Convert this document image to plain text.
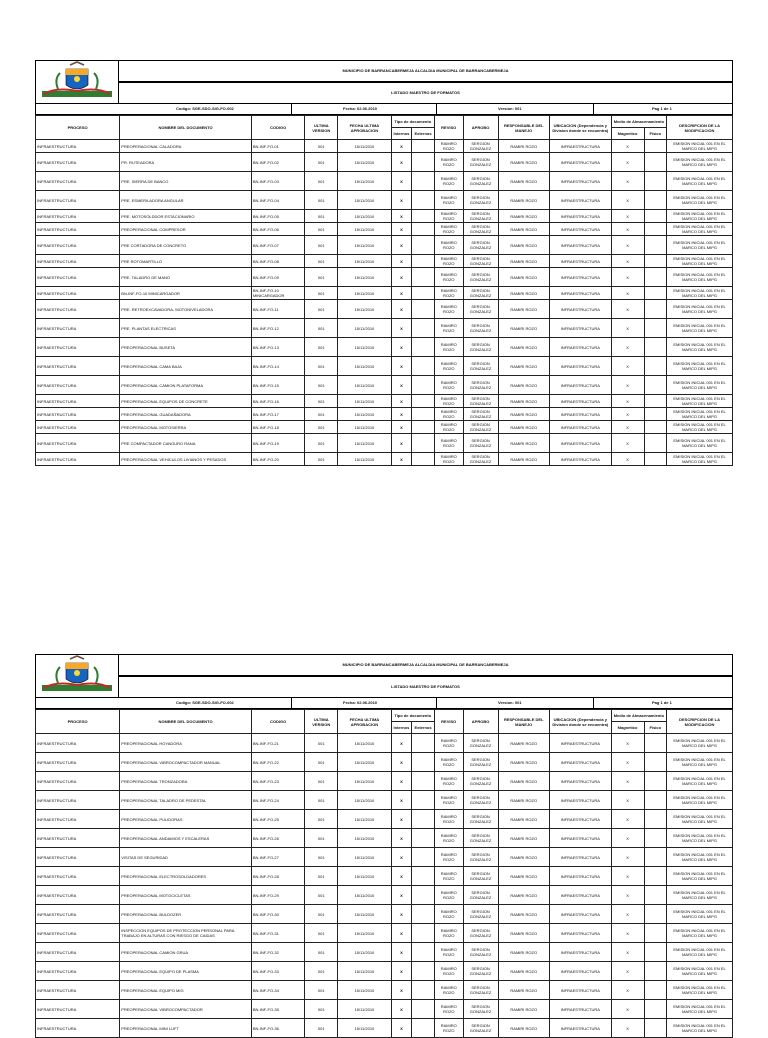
MUNICIPIO DE BARRANCABERMEJA ALCALDIA MUNICIPAL DE BARRANCABERMEJA
LISTADO MAESTRO DE FORMATOS
Codigo: SGE-SDO-SIG-FO-002	Fecha: 02.06.2010	Version: 001	Pag 1 de 1
PROCESO	NOMBRE DEL DOCUMENTO	CODIGO	ULTIMA VERSION	FECHA ULTIMA APROBACION	Tipo de documento		REVISO	APROBO	RESPONSABLE DEL MANEJO	UBICACION (Dependencia y Division donde se encuentra)	Medio de Almacenamiento		DESCRIPCION DE LA MODIFICACION
					Internos	Externos					Magnetico	Fisico	
INFRAESTRUCTURA	PREOPERACIONAL CALADORA	BN-INF-FO-01	001	15/11/2010	X		RAMIRO ROZO	SERGION GONZALEZ	RAMIRI ROZO	INFRAESTRUCTURA	X		EMISION INICIAL 001 EN EL MARCO DEL MIPG
INFRAESTRUCTURA	PR. RUTEADORA	BN-INF-FO-02	001	15/11/2010	X		RAMIRO ROZO	SERGION GONZALEZ	RAMIRI ROZO	INFRAESTRUCTURA	X		EMISION INICIAL 001 EN EL MARCO DEL MIPG
INFRAESTRUCTURA	PRE. SIERRA DE BANCO	BN-INF-FO-03	001	15/11/2010	X		RAMIRO ROZO	SERGION GONZALEZ	RAMIRI ROZO	INFRAESTRUCTURA	X		EMISION INICIAL 001 EN EL MARCO DEL MIPG
INFRAESTRUCTURA	PRE. ESMERILADORA ANGULAR	BN-INF-FO-04	001	15/11/2010	X		RAMIRO ROZO	SERGION GONZALEZ	RAMIRI ROZO	INFRAESTRUCTURA	X		EMISION INICIAL 001 EN EL MARCO DEL MIPG
INFRAESTRUCTURA	PRE. MOTOSOLDDOR ESTACIONARIO	BN-INF-FO-05	001	15/11/2010	X		RAMIRO ROZO	SERGION GONZALEZ	RAMIRI ROZO	INFRAESTRUCTURA	X		EMISION INICIAL 001 EN EL MARCO DEL MIPG
INFRAESTRUCTURA	PREOPERACIONAL COMPRESOR	BN-INF-FO-06	001	15/11/2010	X		RAMIRO ROZO	SERGION GONZALEZ	RAMIRI ROZO	INFRAESTRUCTURA	X		EMISION INICIAL 001 EN EL MARCO DEL MIPG
INFRAESTRUCTURA	PRE CORTADORA DE CONCRETO	BN-INF-FO-07	001	15/11/2010	X		RAMIRO ROZO	SERGION GONZALEZ	RAMIRI ROZO	INFRAESTRUCTURA	X		EMISION INICIAL 001 EN EL MARCO DEL MIPG
INFRAESTRUCTURA	PRE ROTOMARTILLO	BN-INF-FO-08	001	15/11/2010	X		RAMIRO ROZO	SERGION GONZALEZ	RAMIRI ROZO	INFRAESTRUCTURA	X		EMISION INICIAL 001 EN EL MARCO DEL MIPG
INFRAESTRUCTURA	PRE. TALADRO DE MANO	BN-INF-FO-09	001	15/11/2010	X		RAMIRO ROZO	SERGION GONZALEZ	RAMIRI ROZO	INFRAESTRUCTURA	X		EMISION INICIAL 001 EN EL MARCO DEL MIPG
INFRAESTRUCTURA	BN-INF-FO-10 MINICARGADOR	BN-INF-FO-10 MINICARGADOR	001	15/11/2010	X		RAMIRO ROZO	SERGION GONZALEZ	RAMIRI ROZO	INFRAESTRUCTURA	X		EMISION INICIAL 001 EN EL MARCO DEL MIPG
INFRAESTRUCTURA	PRE. RETROEXCAVADORA- MOTONIVELADORA	BN-INF-FO-11	001	15/11/2010	X		RAMIRO ROZO	SERGION GONZALEZ	RAMIRI ROZO	INFRAESTRUCTURA	X		EMISION INICIAL 001 EN EL MARCO DEL MIPG
INFRAESTRUCTURA	PRE. PLANTAS ELECTRICAS	BN-INF-FO-12	001	15/11/2010	X		RAMIRO ROZO	SERGION GONZALEZ	RAMIRI ROZO	INFRAESTRUCTURA	X		EMISION INICIAL 001 EN EL MARCO DEL MIPG
INFRAESTRUCTURA	PREOPERACIONAL BUSETA	BN-INF-FO-13	001	15/11/2010	X		RAMIRO ROZO	SERGION GONZALEZ	RAMIRI ROZO	INFRAESTRUCTURA	X		EMISION INICIAL 001 EN EL MARCO DEL MIPG
INFRAESTRUCTURA	PREOPERACIONAL CAMA BAJA	BN-INF-FO-14	001	15/11/2010	X		RAMIRO ROZO	SERGION GONZALEZ	RAMIRI ROZO	INFRAESTRUCTURA	X		EMISION INICIAL 001 EN EL MARCO DEL MIPG
INFRAESTRUCTURA	PREOPERACIONAL CAMION PLATAFORMA	BN-INF-FO-15	001	15/11/2010	X		RAMIRO ROZO	SERGION GONZALEZ	RAMIRI ROZO	INFRAESTRUCTURA	X		EMISION INICIAL 001 EN EL MARCO DEL MIPG
INFRAESTRUCTURA	PREOPERACIONAL EQUIPOS DE CONCRETE	BN-INF-FO-16	001	15/11/2010	X		RAMIRO ROZO	SERGION GONZALEZ	RAMIRI ROZO	INFRAESTRUCTURA	X		EMISION INICIAL 001 EN EL MARCO DEL MIPG
INFRAESTRUCTURA	PREOPERACIONAL GUADAÑADORA	BN-INF-FO-17	001	15/11/2010	X		RAMIRO ROZO	SERGION GONZALEZ	RAMIRI ROZO	INFRAESTRUCTURA	X		EMISION INICIAL 001 EN EL MARCO DEL MIPG
INFRAESTRUCTURA	PREOPERACIONAL MOTOSIERRA	BN-INF-FO-18	001	15/11/2010	X		RAMIRO ROZO	SERGION GONZALEZ	RAMIRI ROZO	INFRAESTRUCTURA	X		EMISION INICIAL 001 EN EL MARCO DEL MIPG
INFRAESTRUCTURA	PRE COMPACTADOR CANGURO RANA	BN-INF-FO-19	001	15/11/2010	X		RAMIRO ROZO	SERGION GONZALEZ	RAMIRI ROZO	INFRAESTRUCTURA	X		EMISION INICIAL 001 EN EL MARCO DEL MIPG
INFRAESTRUCTURA	PREOPERACIONAL VEHICULOS LIVIANOS Y PESADOS	BN-INF-FO-20	001	15/11/2010	X		RAMIRO ROZO	SERGION GONZALEZ	RAMIRI ROZO	INFRAESTRUCTURA	X		EMISION INICIAL 001 EN EL MARCO DEL MIPG
MUNICIPIO DE BARRANCABERMEJA ALCALDIA MUNICIPAL DE BARRANCABERMEJA
LISTADO MAESTRO DE FORMATOS
Codigo: SGE-SDO-SIG-FO-002	Fecha: 02.06.2010	Version: 001	Pag 1 de 1
PROCESO	NOMBRE DEL DOCUMENTO	CODIGO	ULTIMA VERSION	FECHA ULTIMA APROBACION	Tipo de documento		REVISO	APROBO	RESPONSABLE DEL MANEJO	UBICACION (Dependencia y Division donde se encuentra)	Medio de Almacenamiento		DESCRIPCION DE LA MODIFICACION
					Internos	Externos					Magnetico	Fisico	
INFRAESTRUCTURA	PREOPERACIONAL HOYADORA	BN-INF-FO-21	001	15/11/2010	X		RAMIRO ROZO	SERGION GONZALEZ	RAMIRI ROZO	INFRAESTRUCTURA	X		EMISION INICIAL 001 EN EL MARCO DEL MIPG
INFRAESTRUCTURA	PREOPERACIONAL VIBROCOMPACTADOR MANUAL	BN-INF-FO-22	001	15/11/2010	X		RAMIRO ROZO	SERGION GONZALEZ	RAMIRI ROZO	INFRAESTRUCTURA	X		EMISION INICIAL 001 EN EL MARCO DEL MIPG
INFRAESTRUCTURA	PREOPERACIONAL TRONZADORA	BN-INF-FO-23	001	15/11/2010	X		RAMIRO ROZO	SERGION GONZALEZ	RAMIRI ROZO	INFRAESTRUCTURA	X		EMISION INICIAL 001 EN EL MARCO DEL MIPG
INFRAESTRUCTURA	PREOPERACIONAL TALADRO DE PEDESTAL	BN-INF-FO-24	001	15/11/2010	X		RAMIRO ROZO	SERGION GONZALEZ	RAMIRI ROZO	INFRAESTRUCTURA	X		EMISION INICIAL 001 EN EL MARCO DEL MIPG
INFRAESTRUCTURA	PREOPERACIONAL PULIDORAS	BN-INF-FO-25	001	15/11/2010	X		RAMIRO ROZO	SERGION GONZALEZ	RAMIRI ROZO	INFRAESTRUCTURA	X		EMISION INICIAL 001 EN EL MARCO DEL MIPG
INFRAESTRUCTURA	PREOPERACIONAL ANDAMIOS Y ESCALERAS	BN-INF-FO-26	001	15/11/2010	X		RAMIRO ROZO	SERGION GONZALEZ	RAMIRI ROZO	INFRAESTRUCTURA	X		EMISION INICIAL 001 EN EL MARCO DEL MIPG
INFRAESTRUCTURA	VISITAS DE SEGURIDAD	BN-INF-FO-27	001	15/11/2010	X		RAMIRO ROZO	SERGION GONZALEZ	RAMIRI ROZO	INFRAESTRUCTURA	X		EMISION INICIAL 001 EN EL MARCO DEL MIPG
INFRAESTRUCTURA	PREOPERACIONAL ELECTROSOLDADORES	BN-INF-FO-28	001	15/11/2010	X		RAMIRO ROZO	SERGION GONZALEZ	RAMIRI ROZO	INFRAESTRUCTURA	X		EMISION INICIAL 001 EN EL MARCO DEL MIPG
INFRAESTRUCTURA	PREOPERACIONAL MOTOCICLETAS	BN-INF-FO-29	001	15/11/2010	X		RAMIRO ROZO	SERGION GONZALEZ	RAMIRI ROZO	INFRAESTRUCTURA	X		EMISION INICIAL 001 EN EL MARCO DEL MIPG
INFRAESTRUCTURA	PREOPERACIONAL BULDOZER	BN-INF-FO-30	001	15/11/2010	X		RAMIRO ROZO	SERGION GONZALEZ	RAMIRI ROZO	INFRAESTRUCTURA	X		EMISION INICIAL 001 EN EL MARCO DEL MIPG
INFRAESTRUCTURA	INSPECCION EQUIPOS DE PROTECCION PERSONAL PARA TRABAJO EN ALTURAS CON RIESGO DE CAIDAS	BN-INF-FO-31	001	15/11/2010	X		RAMIRO ROZO	SERGION GONZALEZ	RAMIRI ROZO	INFRAESTRUCTURA	X		EMISION INICIAL 001 EN EL MARCO DEL MIPG
INFRAESTRUCTURA	PREOPERACIONAL CAMION GRUA	BN-INF-FO-32	001	15/11/2010	X		RAMIRO ROZO	SERGION GONZALEZ	RAMIRI ROZO	INFRAESTRUCTURA	X		EMISION INICIAL 001 EN EL MARCO DEL MIPG
INFRAESTRUCTURA	PREOPERACIONAL EQUIPO DE PLASMA	BN-INF-FO-33	001	15/11/2010	X		RAMIRO ROZO	SERGION GONZALEZ	RAMIRI ROZO	INFRAESTRUCTURA	X		EMISION INICIAL 001 EN EL MARCO DEL MIPG
INFRAESTRUCTURA	PREOPERACIONAL EQUIPO MIG	BN-INF-FO-34	001	15/11/2010	X		RAMIRO ROZO	SERGION GONZALEZ	RAMIRI ROZO	INFRAESTRUCTURA	X		EMISION INICIAL 001 EN EL MARCO DEL MIPG
INFRAESTRUCTURA	PREOPERACIONAL VIBROCOMPACTADOR	BN-INF-FO-35	001	15/11/2010	X		RAMIRO ROZO	SERGION GONZALEZ	RAMIRI ROZO	INFRAESTRUCTURA	X		EMISION INICIAL 001 EN EL MARCO DEL MIPG
INFRAESTRUCTURA	PREOPERACIONAL MINI LUFT	BN-INF-FO-36	001	15/11/2010	X		RAMIRO ROZO	SERGION GONZALEZ	RAMIRI ROZO	INFRAESTRUCTURA	X		EMISION INICIAL 001 EN EL MARCO DEL MIPG
